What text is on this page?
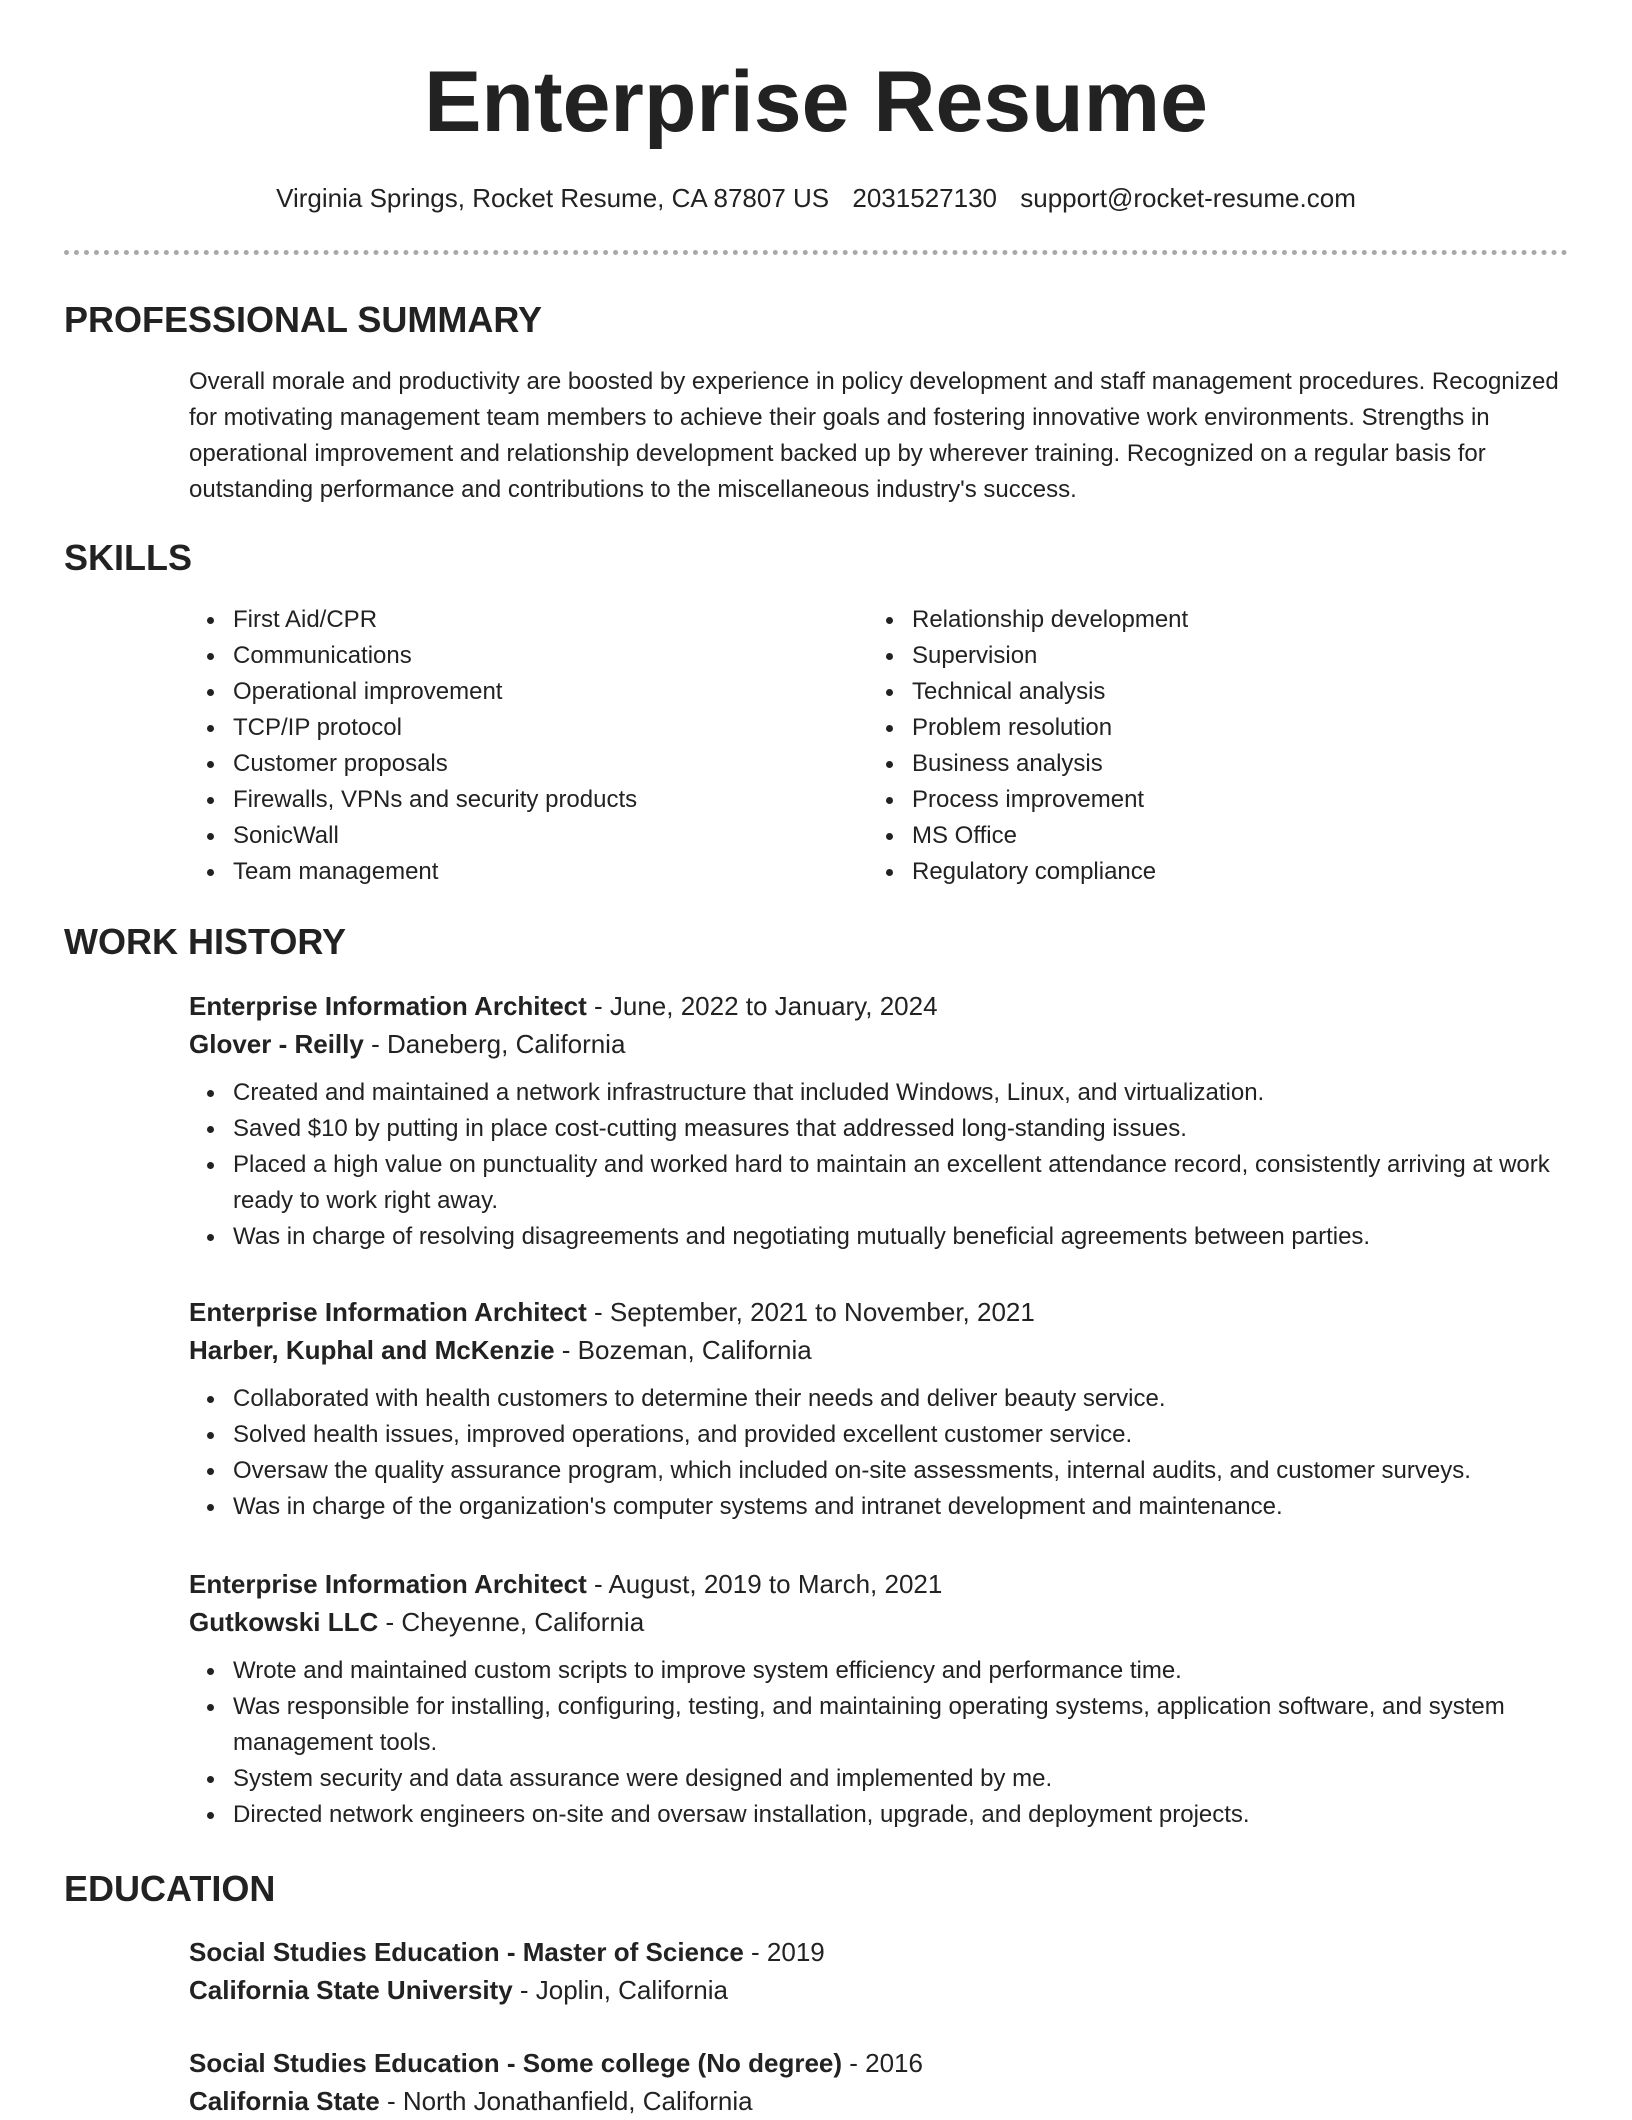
Enterprise Resume
Virginia Springs, Rocket Resume, CA 87807 US 2031527130 support@rocket-resume.com
PROFESSIONAL SUMMARY

Overall morale and productivity are boosted by experience in policy development and staff management procedures. Recognized for motivating management team members to achieve their goals and fostering innovative work environments. Strengths in operational improvement and relationship development backed up by wherever training. Recognized on a regular basis for outstanding performance and contributions to the miscellaneous industry's success.

SKILLS
First Aid/CPR
Communications
Operational improvement
TCP/IP protocol
Customer proposals
Firewalls, VPNs and security products
SonicWall
Team management
Relationship development
Supervision
Technical analysis
Problem resolution
Business analysis
Process improvement
MS Office
Regulatory compliance
WORK HISTORY
Enterprise Information Architect - June, 2022 to January, 2024
Glover - Reilly - Daneberg, California
Created and maintained a network infrastructure that included Windows, Linux, and virtualization.
Saved $10 by putting in place cost-cutting measures that addressed long-standing issues.
Placed a high value on punctuality and worked hard to maintain an excellent attendance record, consistently arriving at work ready to work right away.
Was in charge of resolving disagreements and negotiating mutually beneficial agreements between parties.
Enterprise Information Architect - September, 2021 to November, 2021
Harber, Kuphal and McKenzie - Bozeman, California
Collaborated with health customers to determine their needs and deliver beauty service.
Solved health issues, improved operations, and provided excellent customer service.
Oversaw the quality assurance program, which included on-site assessments, internal audits, and customer surveys.
Was in charge of the organization's computer systems and intranet development and maintenance.
Enterprise Information Architect - August, 2019 to March, 2021
Gutkowski LLC - Cheyenne, California
Wrote and maintained custom scripts to improve system efficiency and performance time.
Was responsible for installing, configuring, testing, and maintaining operating systems, application software, and system management tools.
System security and data assurance were designed and implemented by me.
Directed network engineers on-site and oversaw installation, upgrade, and deployment projects.
EDUCATION
Social Studies Education - Master of Science - 2019
California State University - Joplin, California
Social Studies Education - Some college (No degree) - 2016
California State - North Jonathanfield, California
